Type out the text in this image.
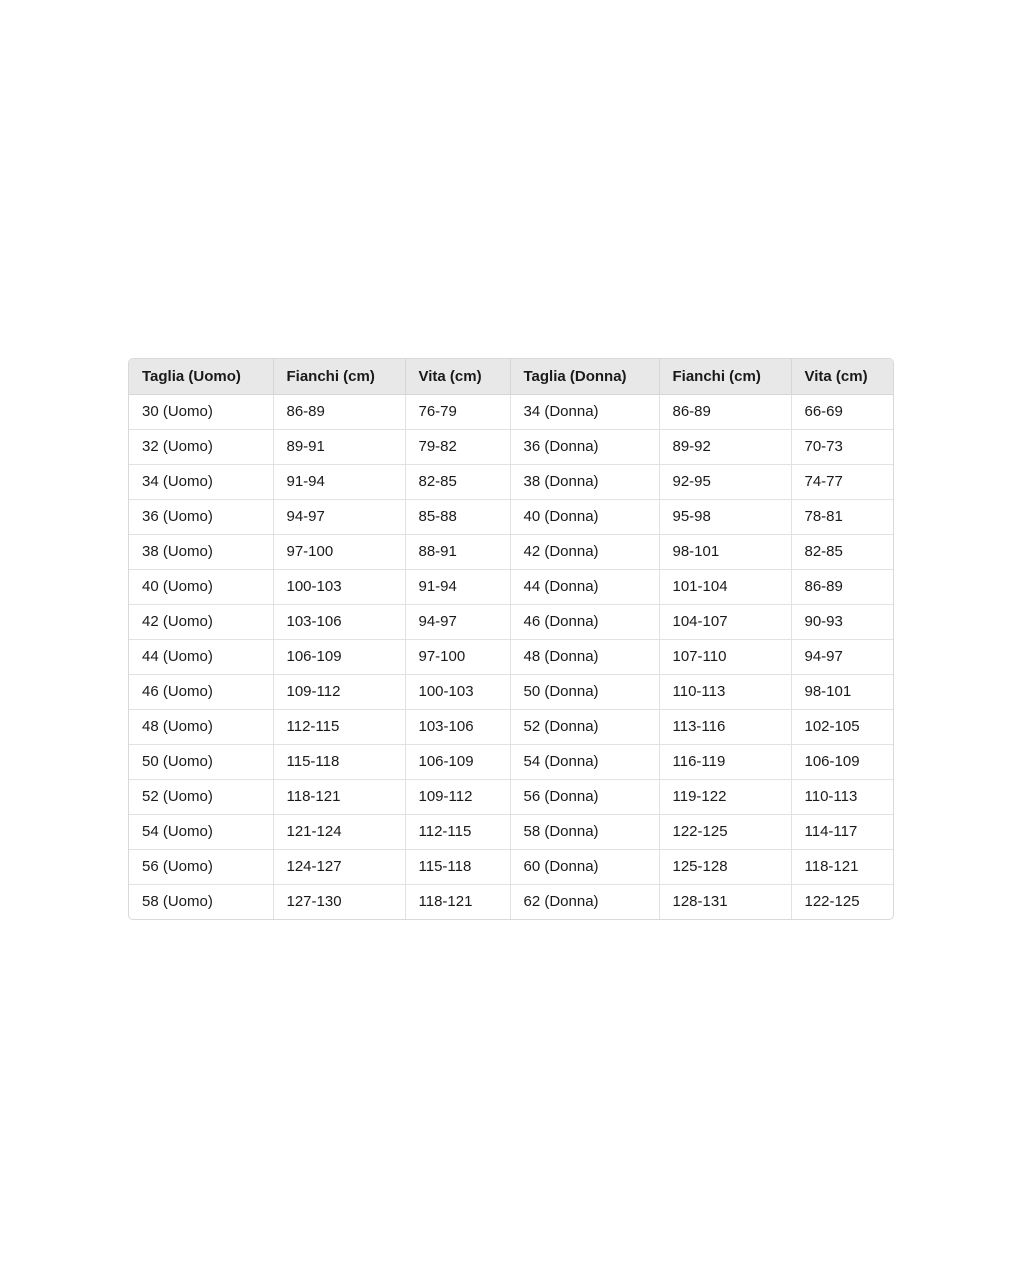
Taglia (Uomo)	Fianchi (cm)	Vita (cm)	Taglia (Donna)	Fianchi (cm)	Vita (cm)
30 (Uomo)	86-89	76-79	34 (Donna)	86-89	66-69
32 (Uomo)	89-91	79-82	36 (Donna)	89-92	70-73
34 (Uomo)	91-94	82-85	38 (Donna)	92-95	74-77
36 (Uomo)	94-97	85-88	40 (Donna)	95-98	78-81
38 (Uomo)	97-100	88-91	42 (Donna)	98-101	82-85
40 (Uomo)	100-103	91-94	44 (Donna)	101-104	86-89
42 (Uomo)	103-106	94-97	46 (Donna)	104-107	90-93
44 (Uomo)	106-109	97-100	48 (Donna)	107-110	94-97
46 (Uomo)	109-112	100-103	50 (Donna)	110-113	98-101
48 (Uomo)	112-115	103-106	52 (Donna)	113-116	102-105
50 (Uomo)	115-118	106-109	54 (Donna)	116-119	106-109
52 (Uomo)	118-121	109-112	56 (Donna)	119-122	110-113
54 (Uomo)	121-124	112-115	58 (Donna)	122-125	114-117
56 (Uomo)	124-127	115-118	60 (Donna)	125-128	118-121
58 (Uomo)	127-130	118-121	62 (Donna)	128-131	122-125
